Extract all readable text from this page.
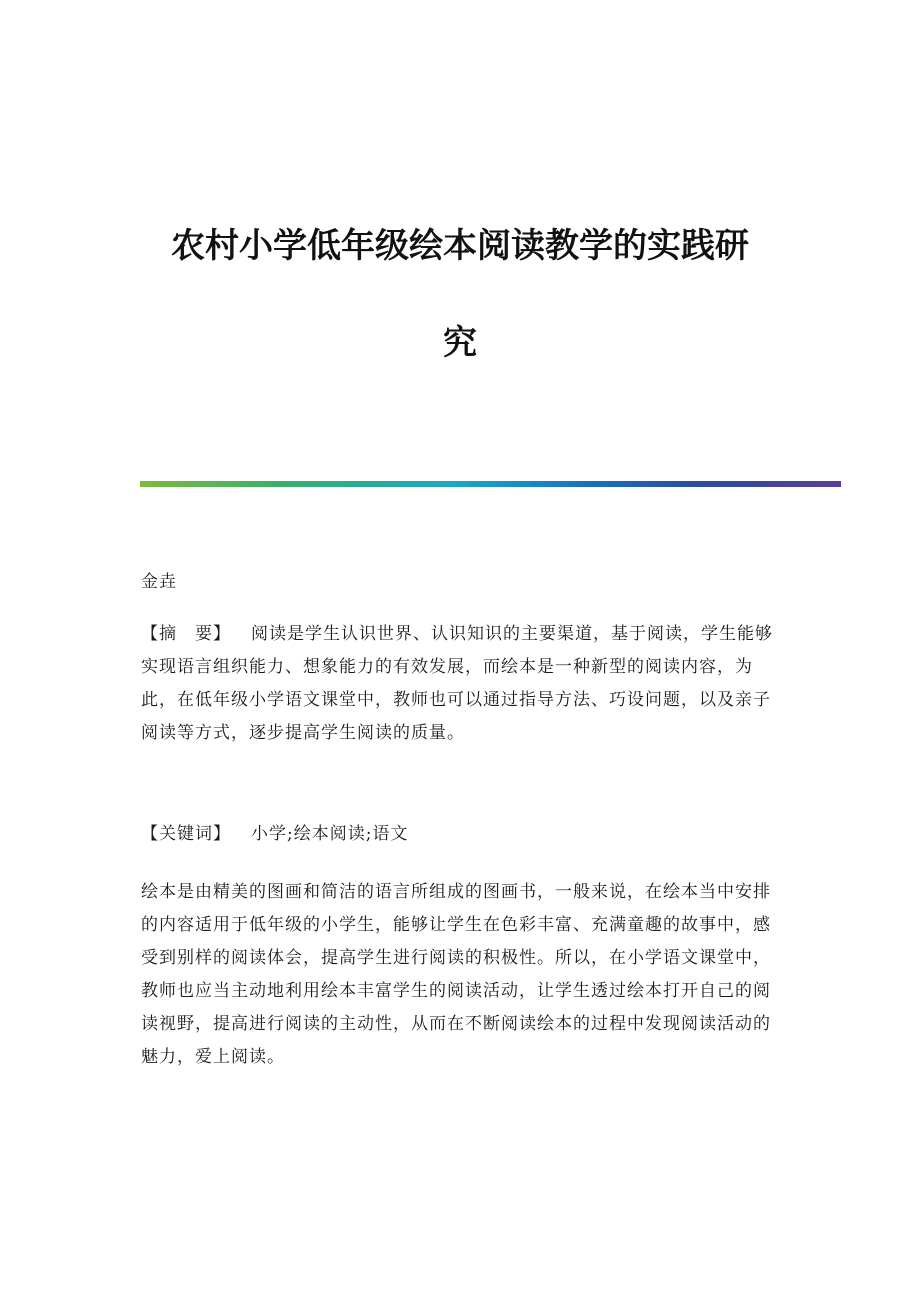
农村小学低年级绘本阅读教学的实践研
究

金垚

【摘　要】 阅读是学生认识世界、认识知识的主要渠道，基于阅读，学生能够实现语言组织能力、想象能力的有效发展，而绘本是一种新型的阅读内容，为此，在低年级小学语文课堂中，教师也可以通过指导方法、巧设问题，以及亲子阅读等方式，逐步提高学生阅读的质量。

【关键词】 小学;绘本阅读;语文

绘本是由精美的图画和简洁的语言所组成的图画书，一般来说，在绘本当中安排的内容适用于低年级的小学生，能够让学生在色彩丰富、充满童趣的故事中，感受到别样的阅读体会，提高学生进行阅读的积极性。所以，在小学语文课堂中，教师也应当主动地利用绘本丰富学生的阅读活动，让学生透过绘本打开自己的阅读视野，提高进行阅读的主动性，从而在不断阅读绘本的过程中发现阅读活动的魅力，爱上阅读。
